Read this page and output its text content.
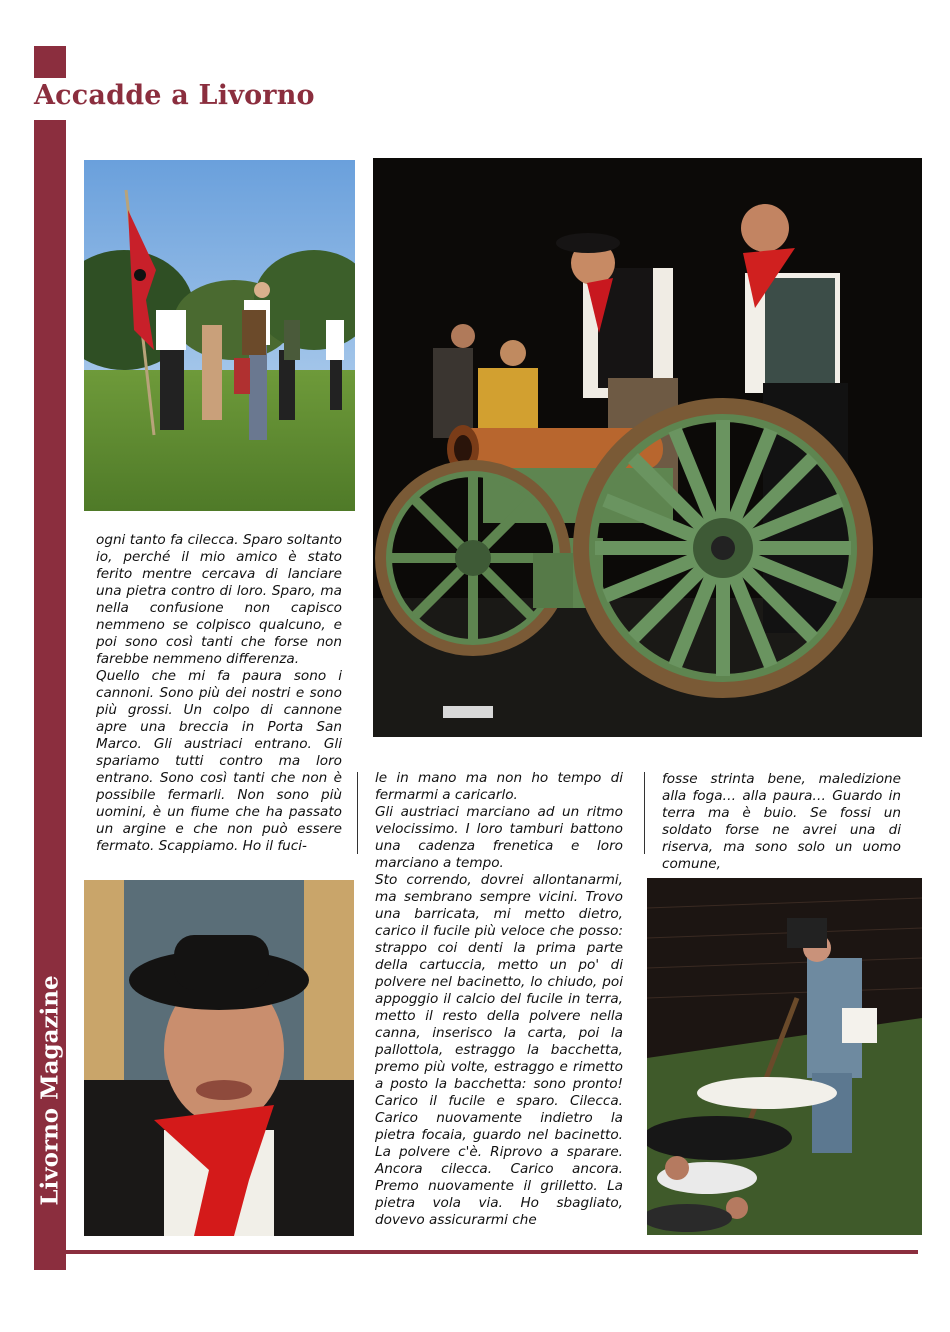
Accadde a Livorno
Livorno Magazine

ogni tanto fa cilecca. Sparo soltanto io, perché il mio amico è stato ferito mentre cercava di lanciare una pietra contro di loro. Sparo, ma nella confusione non capisco nemmeno se colpisco qualcuno, e poi sono così tanti che forse non farebbe nemmeno differenza.

Quello che mi fa paura sono i cannoni. Sono più dei nostri e sono più grossi. Un colpo di cannone apre una breccia in Porta San Marco. Gli austriaci entrano. Gli spariamo tutti contro ma loro entrano. Sono così tanti che non è possibile fermarli. Non sono più uomini, è un fiume che ha passato un argine e che non può essere fermato. Scappiamo. Ho il fuci-

le in mano ma non ho tempo di fermarmi a caricarlo.

Gli austriaci marciano ad un ritmo velocissimo. I loro tamburi battono una cadenza frenetica e loro marciano a tempo.

Sto correndo, dovrei allontanarmi, ma sembrano sempre vicini. Trovo una barricata, mi metto dietro, carico il fucile più veloce che posso: strappo coi denti la prima parte della cartuccia, metto un po' di polvere nel bacinetto, lo chiudo, poi appoggio il calcio del fucile in terra, metto il resto della polvere nella canna, inserisco la carta, poi la pallottola, estraggo la bacchetta, premo più volte, estraggo e rimetto a posto la bacchetta: sono pronto! Carico il fucile e sparo. Cilecca. Carico nuovamente indietro la pietra focaia, guardo nel bacinetto. La polvere c'è. Riprovo a sparare. Ancora cilecca. Carico ancora. Premo nuovamente il grilletto. La pietra vola via. Ho sbagliato, dovevo assicurarmi che

fosse strinta bene, maledizione alla foga… alla paura… Guardo in terra ma è buio. Se fossi un soldato forse ne avrei una di riserva, ma sono solo un uomo comune,
